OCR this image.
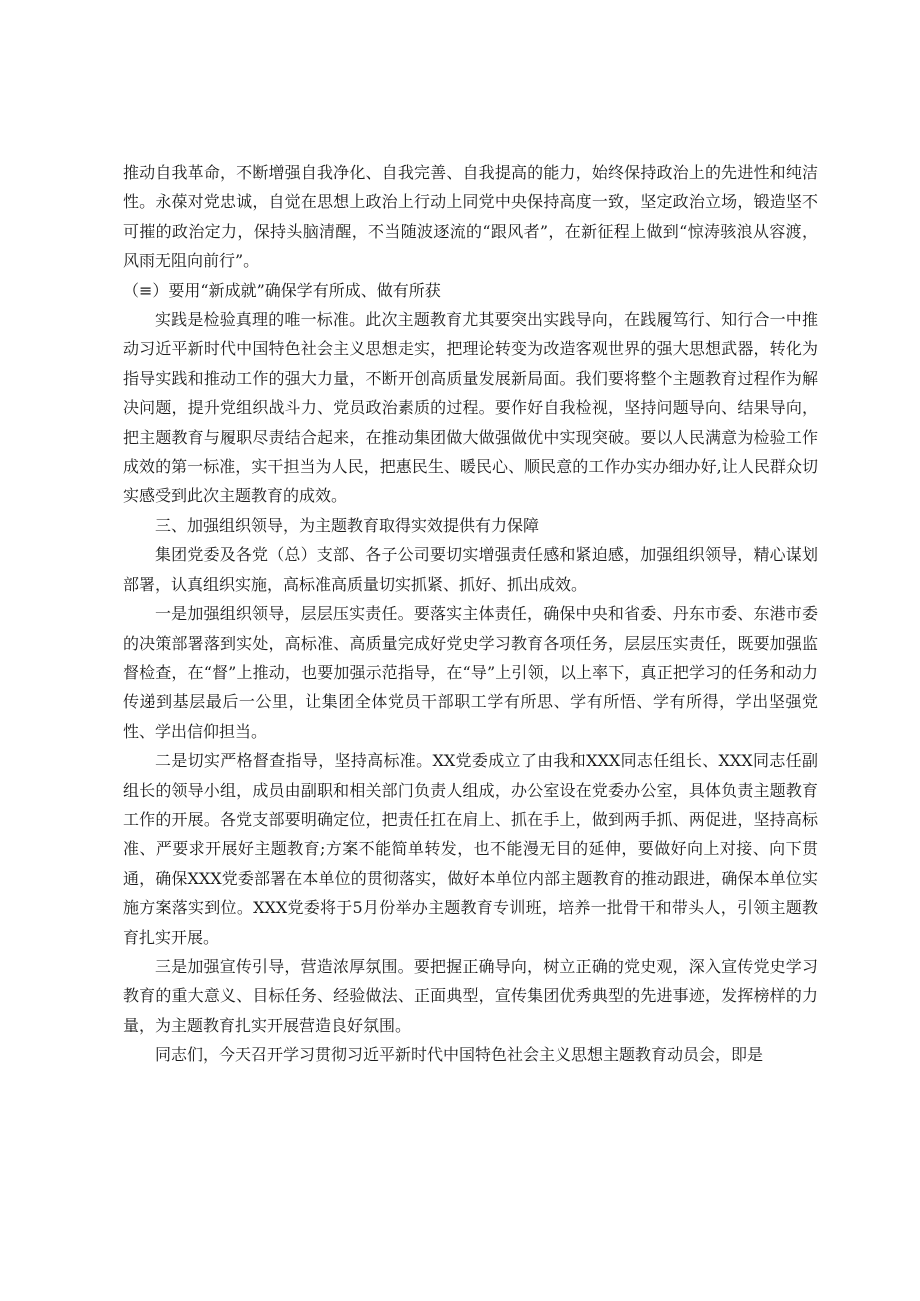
推动自我革命，不断增强自我净化、自我完善、自我提高的能力，始终保持政治上的先进性和纯洁性。永葆对党忠诚，自觉在思想上政治上行动上同党中央保持高度一致，坚定政治立场，锻造坚不可摧的政治定力，保持头脑清醒，不当随波逐流的“跟风者”，在新征程上做到“惊涛骇浪从容渡，风雨无阻向前行”。

（≡）要用“新成就”确保学有所成、做有所获

实践是检验真理的唯一标准。此次主题教育尤其要突出实践导向，在践履笃行、知行合一中推动习近平新时代中国特色社会主义思想走实，把理论转变为改造客观世界的强大思想武器，转化为指导实践和推动工作的强大力量，不断开创高质量发展新局面。我们要将整个主题教育过程作为解决问题，提升党组织战斗力、党员政治素质的过程。要作好自我检视，坚持问题导向、结果导向，把主题教育与履职尽责结合起来，在推动集团做大做强做优中实现突破。要以人民满意为检验工作成效的第一标准，实干担当为人民，把惠民生、暖民心、顺民意的工作办实办细办好,让人民群众切实感受到此次主题教育的成效。

三、加强组织领导，为主题教育取得实效提供有力保障

集团党委及各党（总）支部、各子公司要切实增强责任感和紧迫感，加强组织领导，精心谋划部署，认真组织实施，高标准高质量切实抓紧、抓好、抓出成效。

一是加强组织领导，层层压实责任。要落实主体责任，确保中央和省委、丹东市委、东港市委的决策部署落到实处，高标准、高质量完成好党史学习教育各项任务，层层压实责任，既要加强监督检查，在“督”上推动，也要加强示范指导，在“导”上引领，以上率下，真正把学习的任务和动力传递到基层最后一公里，让集团全体党员干部职工学有所思、学有所悟、学有所得，学出坚强党性、学出信仰担当。

二是切实严格督查指导，坚持高标准。XX党委成立了由我和XXX同志任组长、XXX同志任副组长的领导小组，成员由副职和相关部门负责人组成，办公室设在党委办公室，具体负责主题教育工作的开展。各党支部要明确定位，把责任扛在肩上、抓在手上，做到两手抓、两促进，坚持高标准、严要求开展好主题教育;方案不能简单转发，也不能漫无目的延伸，要做好向上对接、向下贯通，确保XXX党委部署在本单位的贯彻落实，做好本单位内部主题教育的推动跟进，确保本单位实施方案落实到位。XXX党委将于5月份举办主题教育专训班，培养一批骨干和带头人，引领主题教育扎实开展。

三是加强宣传引导，营造浓厚氛围。要把握正确导向，树立正确的党史观，深入宣传党史学习教育的重大意义、目标任务、经验做法、正面典型，宣传集团优秀典型的先进事迹，发挥榜样的力量，为主题教育扎实开展营造良好氛围。

同志们，今天召开学习贯彻习近平新时代中国特色社会主义思想主题教育动员会，即是
